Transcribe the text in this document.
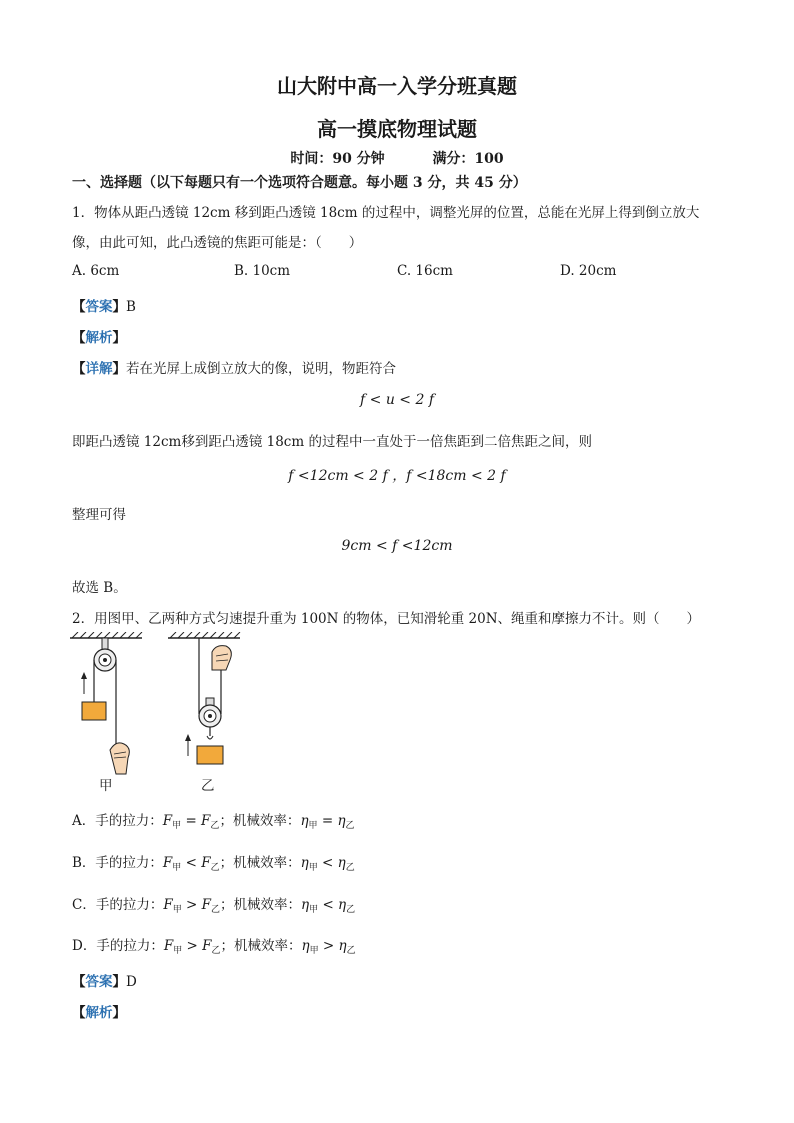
山大附中高一入学分班真题
高一摸底物理试题
时间：90 分钟	满分：100
一、选择题（以下每题只有一个选项符合题意。每小题 3 分，共 45 分）
1．物体从距凸透镜 12cm 移到距凸透镜 18cm 的过程中，调整光屏的位置，总能在光屏上得到倒立放大
像，由此可知，此凸透镜的焦距可能是：（　　）
A. 6cm	B. 10cm	C. 16cm	D. 20cm
【答案】B
【解析】
【详解】若在光屏上成倒立放大的像，说明，物距符合
f < u < 2 f
即距凸透镜 12cm移到距凸透镜 18cm 的过程中一直处于一倍焦距到二倍焦距之间，则
f <12cm < 2 f ，f <18cm < 2 f
整理可得
9cm < f <12cm
故选 B。
2．用图甲、乙两种方式匀速提升重为 100N 的物体，已知滑轮重 20N、绳重和摩擦力不计。则（　　）
甲	乙
A．手的拉力：$F_甲 = F_乙$；机械效率：$\eta_甲 = \eta_乙$
B．手的拉力：$F_甲 < F_乙$；机械效率：$\eta_甲 < \eta_乙$
C．手的拉力：$F_甲 > F_乙$；机械效率：$\eta_甲 < \eta_乙$
D．手的拉力：$F_甲 > F_乙$；机械效率：$\eta_甲 > \eta_乙$
【答案】D
【解析】
